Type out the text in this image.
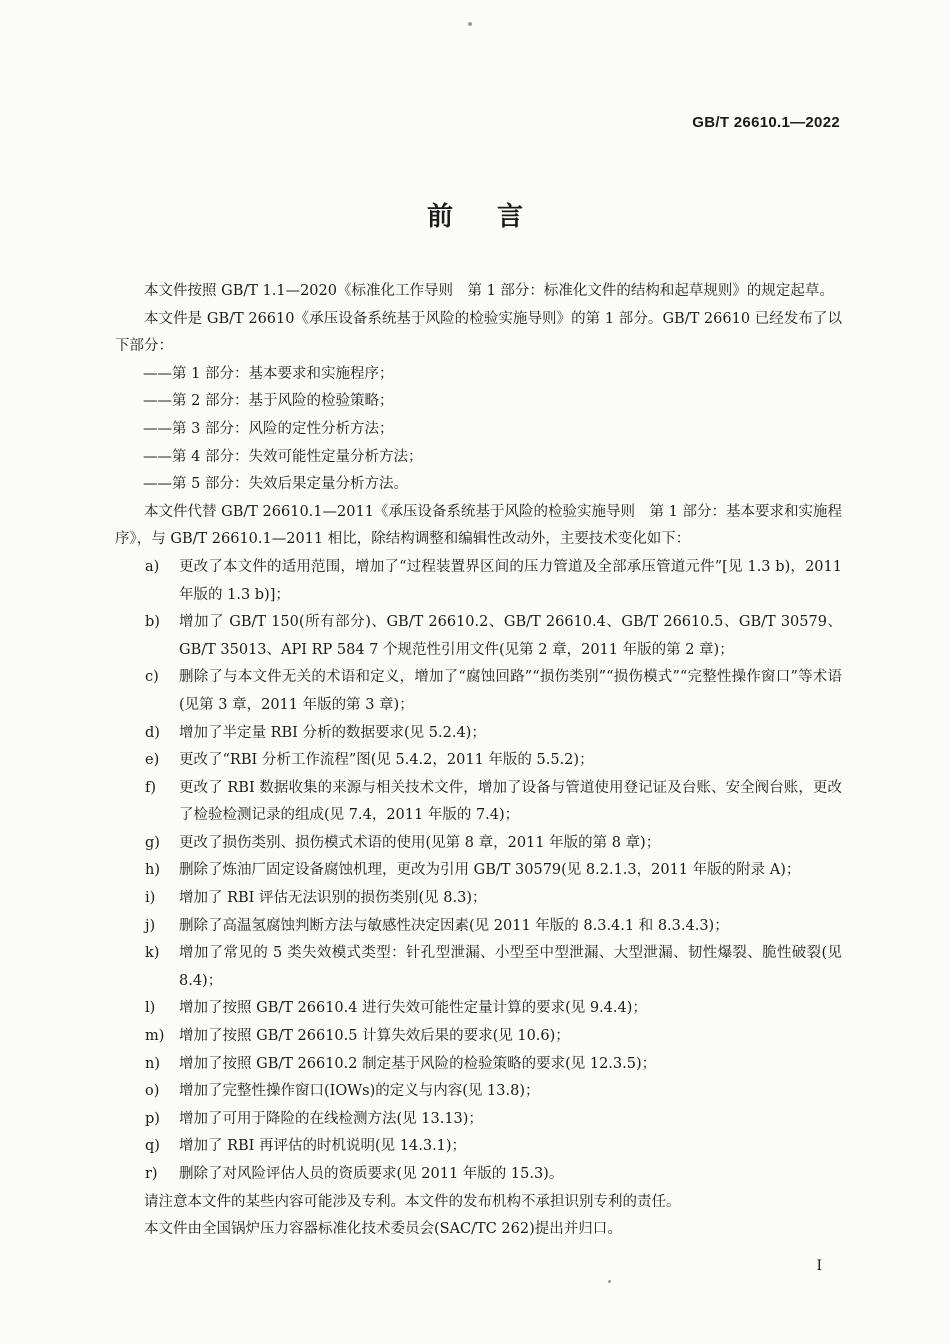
GB/T 26610.1—2022
前言

本文件按照 GB/T 1.1—2020《标准化工作导则　第 1 部分：标准化文件的结构和起草规则》的规定起草。

本文件是 GB/T 26610《承压设备系统基于风险的检验实施导则》的第 1 部分。GB/T 26610 已经发布了以下部分：

——第 1 部分：基本要求和实施程序；
——第 2 部分：基于风险的检验策略；
——第 3 部分：风险的定性分析方法；
——第 4 部分：失效可能性定量分析方法；
——第 5 部分：失效后果定量分析方法。

本文件代替 GB/T 26610.1—2011《承压设备系统基于风险的检验实施导则　第 1 部分：基本要求和实施程序》，与 GB/T 26610.1—2011 相比，除结构调整和编辑性改动外，主要技术变化如下：

a)	更改了本文件的适用范围，增加了“过程装置界区间的压力管道及全部承压管道元件”[见 1.3 b)，2011 年版的 1.3 b)]；
b)	增加了 GB/T 150(所有部分)、GB/T 26610.2、GB/T 26610.4、GB/T 26610.5、GB/T 30579、GB/T 35013、API RP 584 7 个规范性引用文件(见第 2 章，2011 年版的第 2 章)；
c)	删除了与本文件无关的术语和定义，增加了“腐蚀回路”“损伤类别”“损伤模式”“完整性操作窗口”等术语(见第 3 章，2011 年版的第 3 章)；
d)	增加了半定量 RBI 分析的数据要求(见 5.2.4)；
e)	更改了“RBI 分析工作流程”图(见 5.4.2，2011 年版的 5.5.2)；
f)	更改了 RBI 数据收集的来源与相关技术文件，增加了设备与管道使用登记证及台账、安全阀台账，更改了检验检测记录的组成(见 7.4，2011 年版的 7.4)；
g)	更改了损伤类别、损伤模式术语的使用(见第 8 章，2011 年版的第 8 章)；
h)	删除了炼油厂固定设备腐蚀机理，更改为引用 GB/T 30579(见 8.2.1.3，2011 年版的附录 A)；
i)	增加了 RBI 评估无法识别的损伤类别(见 8.3)；
j)	删除了高温氢腐蚀判断方法与敏感性决定因素(见 2011 年版的 8.3.4.1 和 8.3.4.3)；
k)	增加了常见的 5 类失效模式类型：针孔型泄漏、小型至中型泄漏、大型泄漏、韧性爆裂、脆性破裂(见 8.4)；
l)	增加了按照 GB/T 26610.4 进行失效可能性定量计算的要求(见 9.4.4)；
m)	增加了按照 GB/T 26610.5 计算失效后果的要求(见 10.6)；
n)	增加了按照 GB/T 26610.2 制定基于风险的检验策略的要求(见 12.3.5)；
o)	增加了完整性操作窗口(IOWs)的定义与内容(见 13.8)；
p)	增加了可用于降险的在线检测方法(见 13.13)；
q)	增加了 RBI 再评估的时机说明(见 14.3.1)；
r)	删除了对风险评估人员的资质要求(见 2011 年版的 15.3)。

请注意本文件的某些内容可能涉及专利。本文件的发布机构不承担识别专利的责任。

本文件由全国锅炉压力容器标准化技术委员会(SAC/TC 262)提出并归口。

I
